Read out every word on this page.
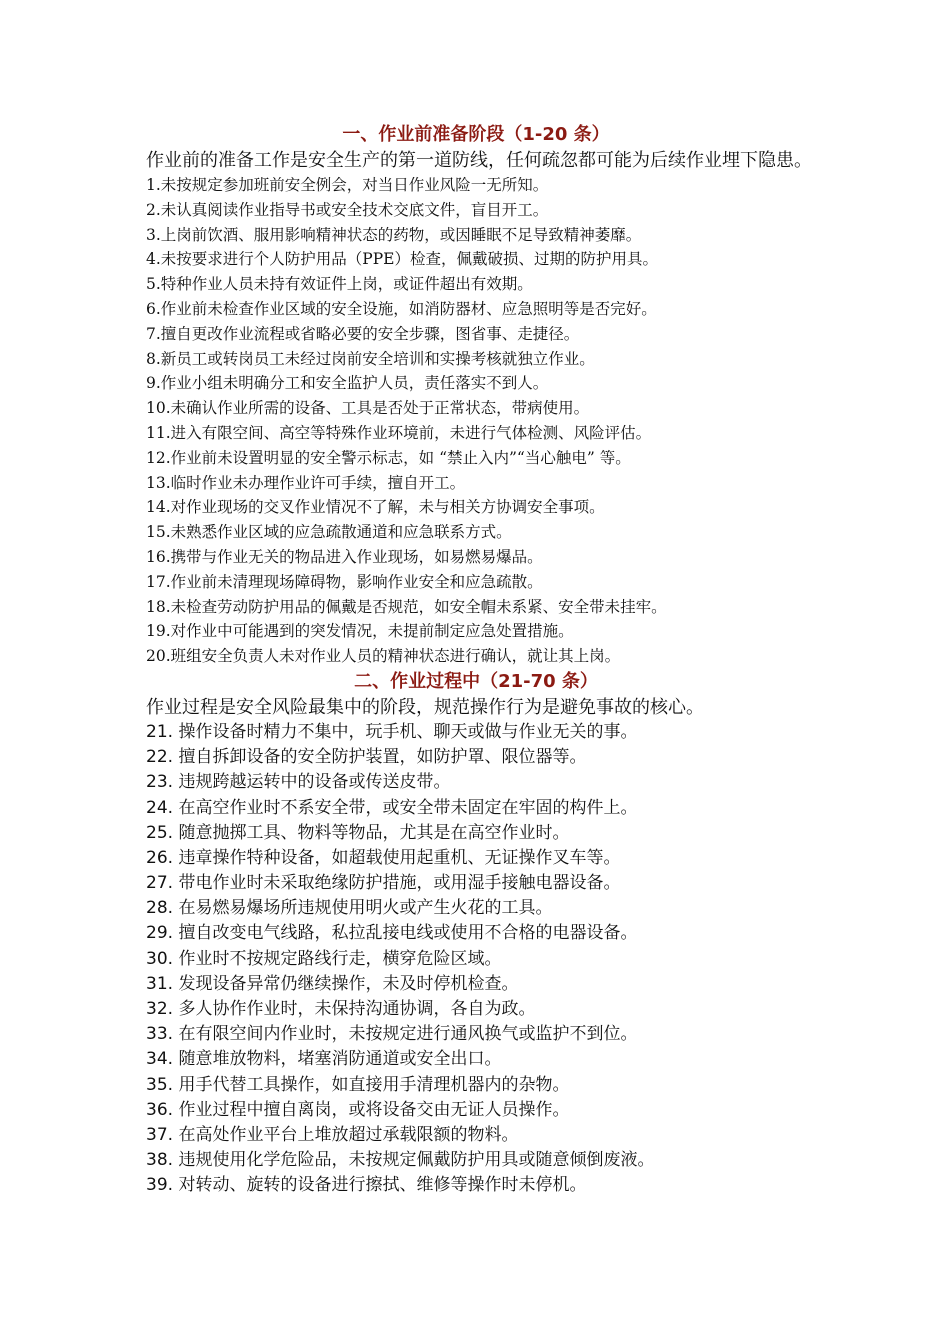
一、作业前准备阶段（1-20 条）

作业前的准备工作是安全生产的第一道防线，任何疏忽都可能为后续作业埋下隐患。

1.未按规定参加班前安全例会，对当日作业风险一无所知。
2.未认真阅读作业指导书或安全技术交底文件，盲目开工。
3.上岗前饮酒、服用影响精神状态的药物，或因睡眠不足导致精神萎靡。
4.未按要求进行个人防护用品（PPE）检查，佩戴破损、过期的防护用具。
5.特种作业人员未持有效证件上岗，或证件超出有效期。
6.作业前未检查作业区域的安全设施，如消防器材、应急照明等是否完好。
7.擅自更改作业流程或省略必要的安全步骤，图省事、走捷径。
8.新员工或转岗员工未经过岗前安全培训和实操考核就独立作业。
9.作业小组未明确分工和安全监护人员，责任落实不到人。
10.未确认作业所需的设备、工具是否处于正常状态，带病使用。
11.进入有限空间、高空等特殊作业环境前，未进行气体检测、风险评估。
12.作业前未设置明显的安全警示标志，如 “禁止入内”“当心触电” 等。
13.临时作业未办理作业许可手续，擅自开工。
14.对作业现场的交叉作业情况不了解，未与相关方协调安全事项。
15.未熟悉作业区域的应急疏散通道和应急联系方式。
16.携带与作业无关的物品进入作业现场，如易燃易爆品。
17.作业前未清理现场障碍物，影响作业安全和应急疏散。
18.未检查劳动防护用品的佩戴是否规范，如安全帽未系紧、安全带未挂牢。
19.对作业中可能遇到的突发情况，未提前制定应急处置措施。
20.班组安全负责人未对作业人员的精神状态进行确认，就让其上岗。
二、作业过程中（21-70 条）

作业过程是安全风险最集中的阶段，规范操作行为是避免事故的核心。

21. 操作设备时精力不集中，玩手机、聊天或做与作业无关的事。
22. 擅自拆卸设备的安全防护装置，如防护罩、限位器等。
23. 违规跨越运转中的设备或传送皮带。
24. 在高空作业时不系安全带，或安全带未固定在牢固的构件上。
25. 随意抛掷工具、物料等物品，尤其是在高空作业时。
26. 违章操作特种设备，如超载使用起重机、无证操作叉车等。
27. 带电作业时未采取绝缘防护措施，或用湿手接触电器设备。
28. 在易燃易爆场所违规使用明火或产生火花的工具。
29. 擅自改变电气线路，私拉乱接电线或使用不合格的电器设备。
30. 作业时不按规定路线行走，横穿危险区域。
31. 发现设备异常仍继续操作，未及时停机检查。
32. 多人协作作业时，未保持沟通协调，各自为政。
33. 在有限空间内作业时，未按规定进行通风换气或监护不到位。
34. 随意堆放物料，堵塞消防通道或安全出口。
35. 用手代替工具操作，如直接用手清理机器内的杂物。
36. 作业过程中擅自离岗，或将设备交由无证人员操作。
37. 在高处作业平台上堆放超过承载限额的物料。
38. 违规使用化学危险品，未按规定佩戴防护用具或随意倾倒废液。
39. 对转动、旋转的设备进行擦拭、维修等操作时未停机。
